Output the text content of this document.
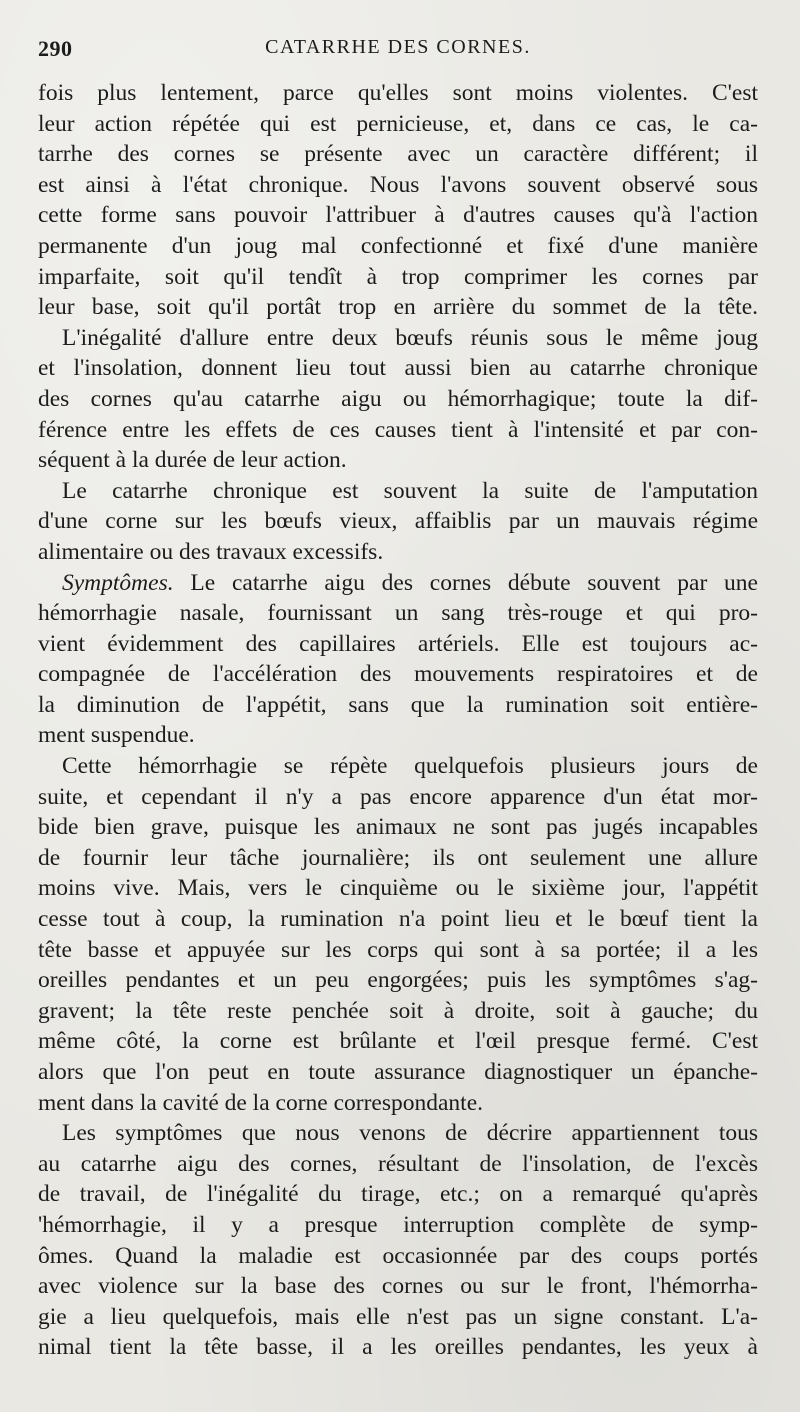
290	CATARRHE DES CORNES.
fois plus lentement, parce qu'elles sont moins violentes. C'est
leur action répétée qui est pernicieuse, et, dans ce cas, le ca-
tarrhe des cornes se présente avec un caractère différent; il
est ainsi à l'état chronique. Nous l'avons souvent observé sous
cette forme sans pouvoir l'attribuer à d'autres causes qu'à l'action
permanente d'un joug mal confectionné et fixé d'une manière
imparfaite, soit qu'il tendît à trop comprimer les cornes par
leur base, soit qu'il portât trop en arrière du sommet de la tête.
L'inégalité d'allure entre deux bœufs réunis sous le même joug
et l'insolation, donnent lieu tout aussi bien au catarrhe chronique
des cornes qu'au catarrhe aigu ou hémorrhagique; toute la dif-
férence entre les effets de ces causes tient à l'intensité et par con-
séquent à la durée de leur action.
Le catarrhe chronique est souvent la suite de l'amputation
d'une corne sur les bœufs vieux, affaiblis par un mauvais régime
alimentaire ou des travaux excessifs.
Symptômes. Le catarrhe aigu des cornes débute souvent par une
hémorrhagie nasale, fournissant un sang très-rouge et qui pro-
vient évidemment des capillaires artériels. Elle est toujours ac-
compagnée de l'accélération des mouvements respiratoires et de
la diminution de l'appétit, sans que la rumination soit entière-
ment suspendue.
Cette hémorrhagie se répète quelquefois plusieurs jours de
suite, et cependant il n'y a pas encore apparence d'un état mor-
bide bien grave, puisque les animaux ne sont pas jugés incapables
de fournir leur tâche journalière; ils ont seulement une allure
moins vive. Mais, vers le cinquième ou le sixième jour, l'appétit
cesse tout à coup, la rumination n'a point lieu et le bœuf tient la
tête basse et appuyée sur les corps qui sont à sa portée; il a les
oreilles pendantes et un peu engorgées; puis les symptômes s'ag-
gravent; la tête reste penchée soit à droite, soit à gauche; du
même côté, la corne est brûlante et l'œil presque fermé. C'est
alors que l'on peut en toute assurance diagnostiquer un épanche-
ment dans la cavité de la corne correspondante.
Les symptômes que nous venons de décrire appartiennent tous
au catarrhe aigu des cornes, résultant de l'insolation, de l'excès
de travail, de l'inégalité du tirage, etc.; on a remarqué qu'après
'hémorrhagie, il y a presque interruption complète de symp-
ômes. Quand la maladie est occasionnée par des coups portés
avec violence sur la base des cornes ou sur le front, l'hémorrha-
gie a lieu quelquefois, mais elle n'est pas un signe constant. L'a-
nimal tient la tête basse, il a les oreilles pendantes, les yeux à
